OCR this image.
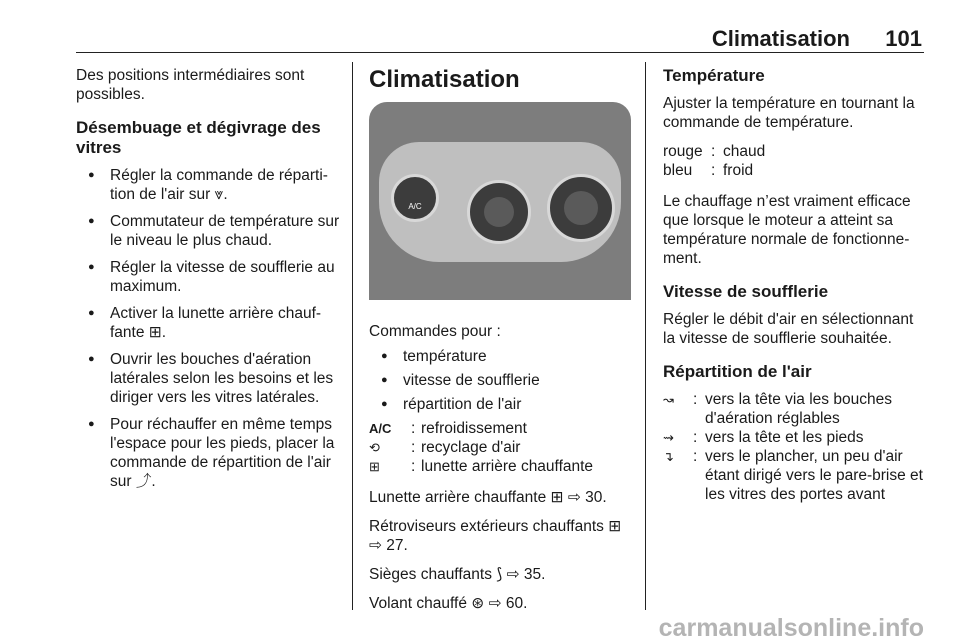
Climatisation 101

Des positions intermédiaires sont possibles.

Désembuage et dégivrage des vitres
● Régler la commande de réparti-tion de l'air sur ⩔.
● Commutateur de température sur le niveau le plus chaud.
● Régler la vitesse de soufflerie au maximum.
● Activer la lunette arrière chauf-fante ⊞.
● Ouvrir les bouches d'aération latérales selon les besoins et les diriger vers les vitres latérales.
● Pour réchauffer en même temps l'espace pour les pieds, placer la commande de répartition de l'air sur ⤴.
Climatisation
A/C

Commandes pour :

● température
● vitesse de soufflerie
● répartition de l'air
A/C	: refroidissement
⟲	: recyclage d'air
⊞	: lunette arrière chauffante

Lunette arrière chauffante ⊞ ⇨ 30.

Rétroviseurs extérieurs chauffants ⊞ ⇨ 27.

Sièges chauffants ⟆ ⇨ 35.

Volant chauffé ⊛ ⇨ 60.

Température

Ajuster la température en tournant la commande de température.

rouge : chaud
bleu	: froid

Le chauffage n’est vraiment efficace que lorsque le moteur a atteint sa température normale de fonctionne-ment.

Vitesse de soufflerie

Régler le débit d'air en sélectionnant la vitesse de soufflerie souhaitée.

Répartition de l'air
↝	: vers la tête via les bouches d'aération réglables
⇝	: vers la tête et les pieds
↴	: vers le plancher, un peu d'air étant dirigé vers le pare-brise et les vitres des portes avant
carmanualsonline.info
